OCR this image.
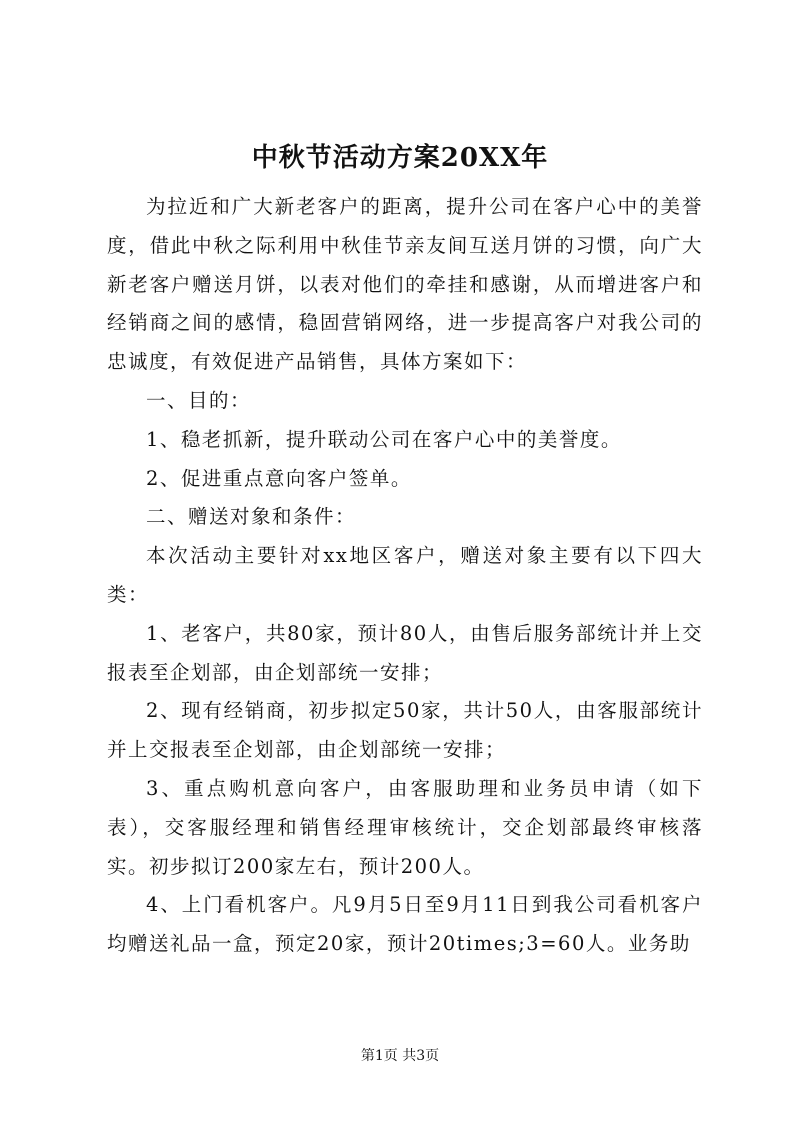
中秋节活动方案20XX年

为拉近和广大新老客户的距离，提升公司在客户心中的美誉度，借此中秋之际利用中秋佳节亲友间互送月饼的习惯，向广大新老客户赠送月饼，以表对他们的牵挂和感谢，从而增进客户和经销商之间的感情，稳固营销网络，进一步提高客户对我公司的忠诚度，有效促进产品销售，具体方案如下：

一、目的：

1、稳老抓新，提升联动公司在客户心中的美誉度。

2、促进重点意向客户签单。

二、赠送对象和条件：

本次活动主要针对xx地区客户，赠送对象主要有以下四大类：

1、老客户，共80家，预计80人，由售后服务部统计并上交报表至企划部，由企划部统一安排；

2、现有经销商，初步拟定50家，共计50人，由客服部统计并上交报表至企划部，由企划部统一安排；

3、重点购机意向客户，由客服助理和业务员申请（如下表），交客服经理和销售经理审核统计，交企划部最终审核落实。初步拟订200家左右，预计200人。

4、上门看机客户。凡9月5日至9月11日到我公司看机客户均赠送礼品一盒，预定20家，预计20times;3=60人。业务助

第1页 共3页
